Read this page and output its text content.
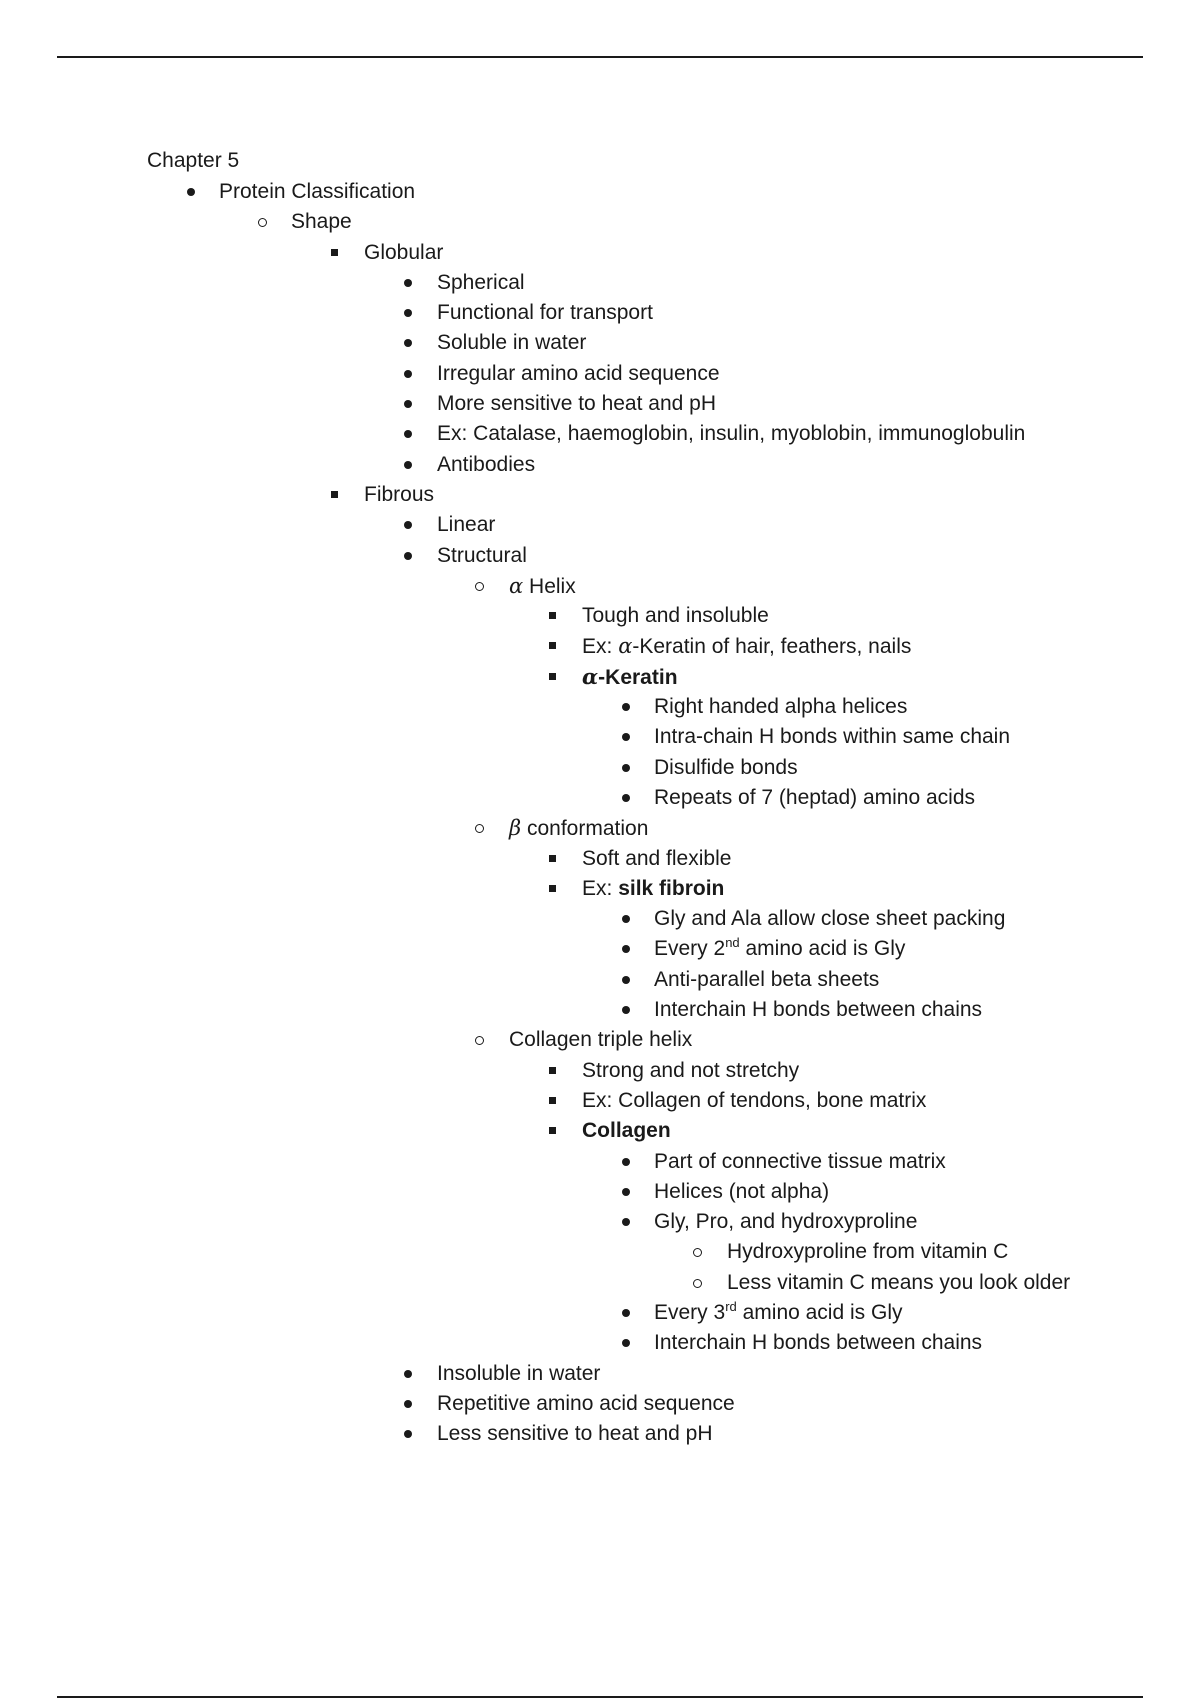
Chapter 5
Protein Classification
Shape
Globular
Spherical
Functional for transport
Soluble in water
Irregular amino acid sequence
More sensitive to heat and pH
Ex: Catalase, haemoglobin, insulin, myoblobin, immunoglobulin
Antibodies
Fibrous
Linear
Structural
α Helix
Tough and insoluble
Ex: α-Keratin of hair, feathers, nails
α-Keratin
Right handed alpha helices
Intra-chain H bonds within same chain
Disulfide bonds
Repeats of 7 (heptad) amino acids
β conformation
Soft and flexible
Ex: silk fibroin
Gly and Ala allow close sheet packing
Every 2nd amino acid is Gly
Anti-parallel beta sheets
Interchain H bonds between chains
Collagen triple helix
Strong and not stretchy
Ex: Collagen of tendons, bone matrix
Collagen
Part of connective tissue matrix
Helices (not alpha)
Gly, Pro, and hydroxyproline
Hydroxyproline from vitamin C
Less vitamin C means you look older
Every 3rd amino acid is Gly
Interchain H bonds between chains
Insoluble in water
Repetitive amino acid sequence
Less sensitive to heat and pH
